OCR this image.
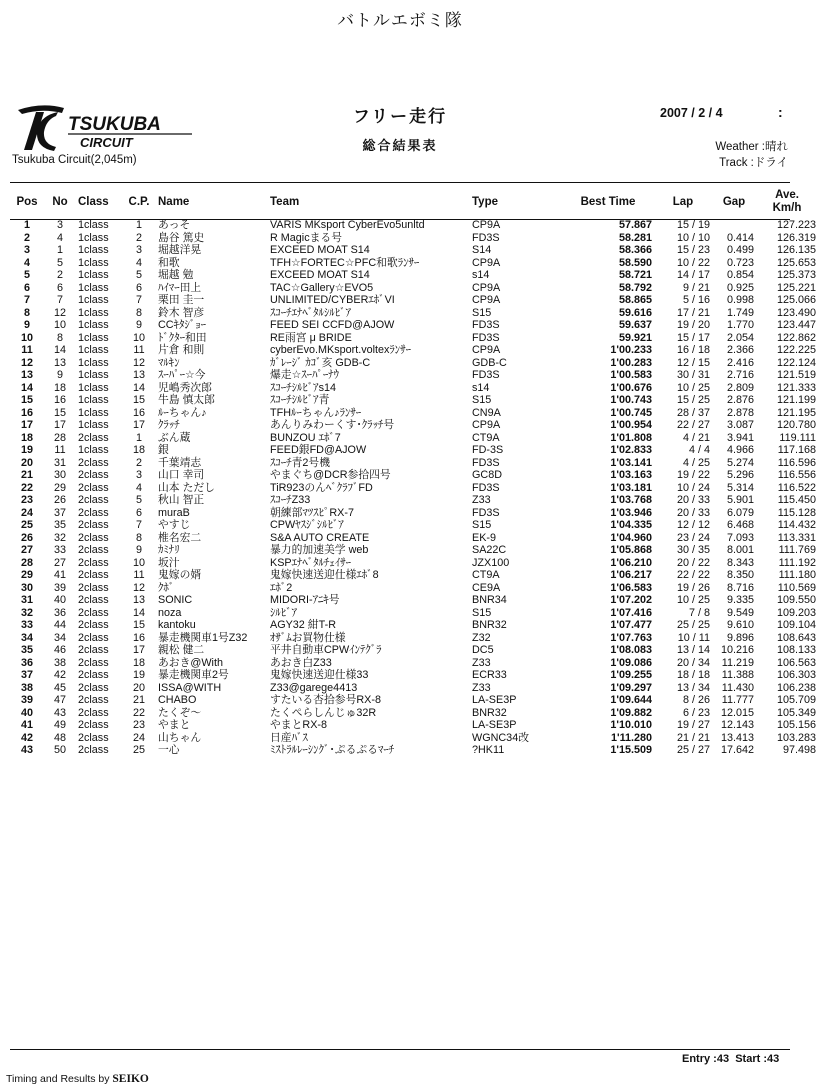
バトルエボミ隊
TSUKUBA
CIRCUIT
Tsukuba Circuit(2,045m)
フリー走行
総合結果表
2007 / 2 / 4	:
Weather :晴れ
Track :ドライ
Pos	No	Class	C.P.	Name	Team	Type	Best Time	Lap	Gap	Ave.
Km/h
1	3	1class	1	あっそ	VARIS MKsport CyberEvo5unltd	CP9A	57.867	15 / 19		127.223
2	4	1class	2	島谷 篤史	R Magicまる号	FD3S	58.281	10 / 10	0.414	126.319
3	1	1class	3	堀越洋晃	EXCEED MOAT S14	S14	58.366	15 / 23	0.499	126.135
4	5	1class	4	和歌	TFH☆FORTEC☆PFC和歌ﾗﾝｻｰ	CP9A	58.590	10 / 22	0.723	125.653
5	2	1class	5	堀越 勉	EXCEED MOAT S14	s14	58.721	14 / 17	0.854	125.373
6	6	1class	6	ﾊｲﾏｰ田上	TAC☆Gallery☆EVO5	CP9A	58.792	9 / 21	0.925	125.221
7	7	1class	7	栗田 圭一	UNLIMITED/CYBERｴﾎﾞVI	CP9A	58.865	5 / 16	0.998	125.066
8	12	1class	8	鈴木 智彦	ｽｺｰﾁｴﾅﾍﾞﾀﾙｼﾙﾋﾞｱ	S15	59.616	17 / 21	1.749	123.490
9	10	1class	9	CCｷﾀｼﾞｮｰ	FEED SEI CCFD@AJOW	FD3S	59.637	19 / 20	1.770	123.447
10	8	1class	10	ﾄﾞｸﾀｰ和田	RE雨宮 μ BRIDE	FD3S	59.921	15 / 17	2.054	122.862
11	14	1class	11	片倉 和則	cyberEvo.MKsport.voltexﾗﾝｻｰ	CP9A	1'00.233	16 / 18	2.366	122.225
12	13	1class	12	ﾏﾙｷﾝ	ｶﾞﾚｰｼﾞ ｶｺﾞ亥 GDB-C	GDB-C	1'00.283	12 / 15	2.416	122.124
13	9	1class	13	ｽｰﾊﾟｰ☆今	爆走☆ｽｰﾊﾟｰﾅｳ	FD3S	1'00.583	30 / 31	2.716	121.519
14	18	1class	14	児嶋秀次郎	ｽｺｰﾁｼﾙﾋﾞｱs14	s14	1'00.676	10 / 25	2.809	121.333
15	16	1class	15	牛島 慎太郎	ｽｺｰﾁｼﾙﾋﾞｱ青	S15	1'00.743	15 / 25	2.876	121.199
16	15	1class	16	ﾙｰちゃん♪	TFHﾙｰちゃん♪ﾗﾝｻｰ	CN9A	1'00.745	28 / 37	2.878	121.195
17	17	1class	17	ｸﾗｯﾁ	あんりみわーくす･ｸﾗｯﾁ号	CP9A	1'00.954	22 / 27	3.087	120.780
18	28	2class	1	ぶん蔵	BUNZOU ｴﾎﾞ7	CT9A	1'01.808	4 / 21	3.941	119.111
19	11	1class	18	銀	FEED銀FD@AJOW	FD-3S	1'02.833	4 / 4	4.966	117.168
20	31	2class	2	千葉靖志	ｽｺｰﾁ青2号機	FD3S	1'03.141	4 / 25	5.274	116.596
21	30	2class	3	山口 幸司	やまぐち@DCR参拾四号	GC8D	1'03.163	19 / 22	5.296	116.556
22	29	2class	4	山本 ただし	TiR923のんﾍﾞｸﾗﾌﾞFD	FD3S	1'03.181	10 / 24	5.314	116.522
23	26	2class	5	秋山 智正	ｽｺｰﾁZ33	Z33	1'03.768	20 / 33	5.901	115.450
24	37	2class	6	muraB	朝練部ﾏﾂｽﾋﾟRX-7	FD3S	1'03.946	20 / 33	6.079	115.128
25	35	2class	7	やすじ	CPWﾔｽｼﾞｼﾙﾋﾞｱ	S15	1'04.335	12 / 12	6.468	114.432
26	32	2class	8	椎名宏二	S&A AUTO CREATE	EK-9	1'04.960	23 / 24	7.093	113.331
27	33	2class	9	ｶﾐﾅﾘ	暴力的加速美学 web	SA22C	1'05.868	30 / 35	8.001	111.769
28	27	2class	10	坂汁	KSPｴﾅﾍﾞﾀﾙﾁｪｲｻｰ	JZX100	1'06.210	20 / 22	8.343	111.192
29	41	2class	11	鬼嫁の婿	鬼嫁快速送迎仕様ｴﾎﾞ8	CT9A	1'06.217	22 / 22	8.350	111.180
30	39	2class	12	ｸﾎﾞ	ｴﾎﾞ2	CE9A	1'06.583	19 / 26	8.716	110.569
31	40	2class	13	SONIC	MIDORI-ｱﾆｷ号	BNR34	1'07.202	10 / 25	9.335	109.550
32	36	2class	14	noza	ｼﾙﾋﾞｱ	S15	1'07.416	7 / 8	9.549	109.203
33	44	2class	15	kantoku	AGY32 紺T-R	BNR32	1'07.477	25 / 25	9.610	109.104
34	34	2class	16	暴走機関車1号Z32	ｵｻﾞﾑお買物仕様	Z32	1'07.763	10 / 11	9.896	108.643
35	46	2class	17	親松 健二	平井自動車CPWｲﾝﾃｸﾞﾗ	DC5	1'08.083	13 / 14	10.216	108.133
36	38	2class	18	あおき@With	あおき白Z33	Z33	1'09.086	20 / 34	11.219	106.563
37	42	2class	19	暴走機関車2号	鬼嫁快速送迎仕様33	ECR33	1'09.255	18 / 18	11.388	106.303
38	45	2class	20	ISSA@WITH	Z33@garege4413	Z33	1'09.297	13 / 34	11.430	106.238
39	47	2class	21	CHABO	すたいる杏拾参号RX-8	LA-SE3P	1'09.644	8 / 26	11.777	105.709
40	43	2class	22	たくぞ～	たくぺらしんじゅ32R	BNR32	1'09.882	6 / 23	12.015	105.349
41	49	2class	23	やまと	やまとRX-8	LA-SE3P	1'10.010	19 / 27	12.143	105.156
42	48	2class	24	山ちゃん	日産ﾊﾞｽ	WGNC34改	1'11.280	21 / 21	13.413	103.283
43	50	2class	25	一心	ﾐｽﾄﾗﾙﾚｰｼﾝｸﾞ･ぷるぷるﾏｰﾁ	?HK11	1'15.509	25 / 27	17.642	97.498
Entry :43 Start :43
Timing and Results by SEIKO
